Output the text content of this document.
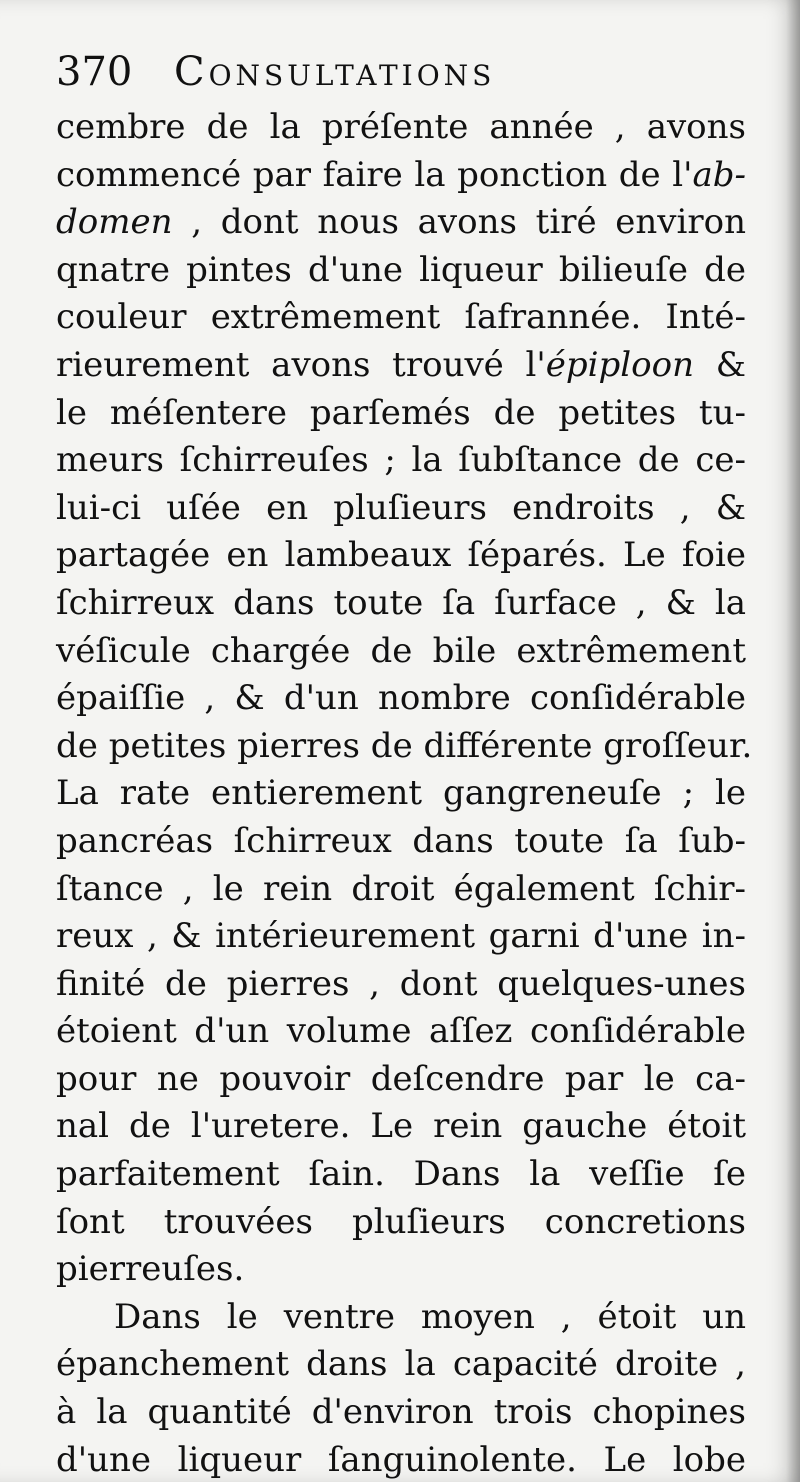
370 Consultations
cembre de la préſente année , avons
commencé par faire la ponction de l'ab-
domen , dont nous avons tiré environ
qnatre pintes d'une liqueur bilieuſe de
couleur extrêmement ſafrannée. Inté-
rieurement avons trouvé l'épiploon &
le méſentere parſemés de petites tu-
meurs ſchirreuſes ; la ſubſtance de ce-
lui-ci uſée en pluſieurs endroits , &
partagée en lambeaux ſéparés. Le foie
ſchirreux dans toute ſa ſurface , & la
véſicule chargée de bile extrêmement
épaiſſie , & d'un nombre conſidérable
de petites pierres de différente groſſeur.
La rate entierement gangreneuſe ; le
pancréas ſchirreux dans toute ſa ſub-
ſtance , le rein droit également ſchir-
reux , & intérieurement garni d'une in-
finité de pierres , dont quelques-unes
étoient d'un volume aſſez conſidérable
pour ne pouvoir deſcendre par le ca-
nal de l'uretere. Le rein gauche étoit
parfaitement ſain. Dans la veſſie ſe
ſont trouvées pluſieurs concretions
pierreuſes.
Dans le ventre moyen , étoit un
épanchement dans la capacité droite ,
à la quantité d'environ trois chopines
d'une liqueur ſanguinolente. Le lobe
